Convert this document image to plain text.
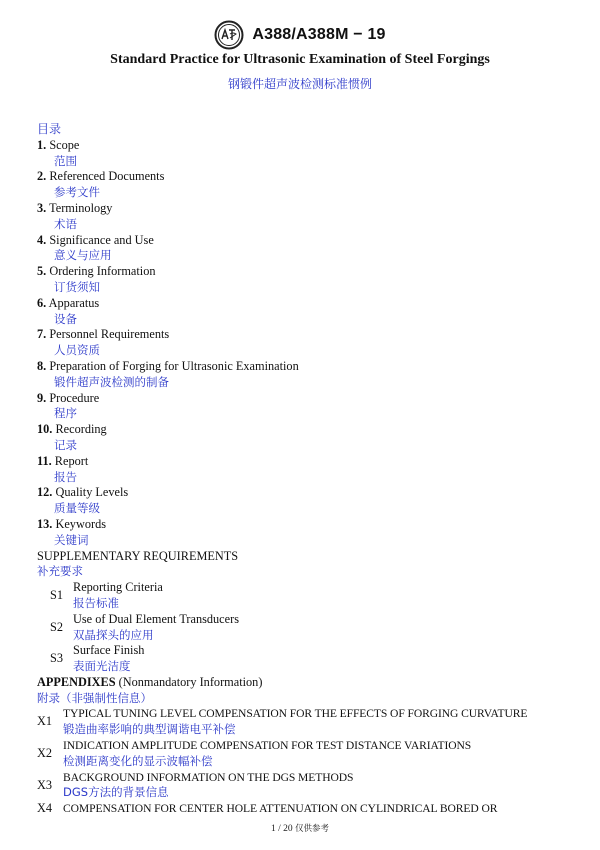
A388/A388M − 19
Standard Practice for Ultrasonic Examination of Steel Forgings
钢锻件超声波检测标准惯例
目录
1. Scope
范围
2. Referenced Documents
参考文件
3. Terminology
术语
4. Significance and Use
意义与应用
5. Ordering Information
订货须知
6. Apparatus
设备
7. Personnel Requirements
人员资质
8. Preparation of Forging for Ultrasonic Examination
锻件超声波检测的制备
9. Procedure
程序
10. Recording
记录
11. Report
报告
12. Quality Levels
质量等级
13. Keywords
关键词
SUPPLEMENTARY REQUIREMENTS
补充要求
S1
Reporting Criteria
报告标准
S2
Use of Dual Element Transducers
双晶探头的应用
S3
Surface Finish
表面光洁度
APPENDIXES (Nonmandatory Information)
附录（非强制性信息）
X1
TYPICAL TUNING LEVEL COMPENSATION FOR THE EFFECTS OF FORGING CURVATURE
锻造曲率影响的典型调谐电平补偿
X2
INDICATION AMPLITUDE COMPENSATION FOR TEST DISTANCE VARIATIONS
检测距离变化的显示波幅补偿
X3
BACKGROUND INFORMATION ON THE DGS METHODS
DGS方法的背景信息
X4 COMPENSATION FOR CENTER HOLE ATTENUATION ON CYLINDRICAL BORED OR
1 / 20 仅供参考
